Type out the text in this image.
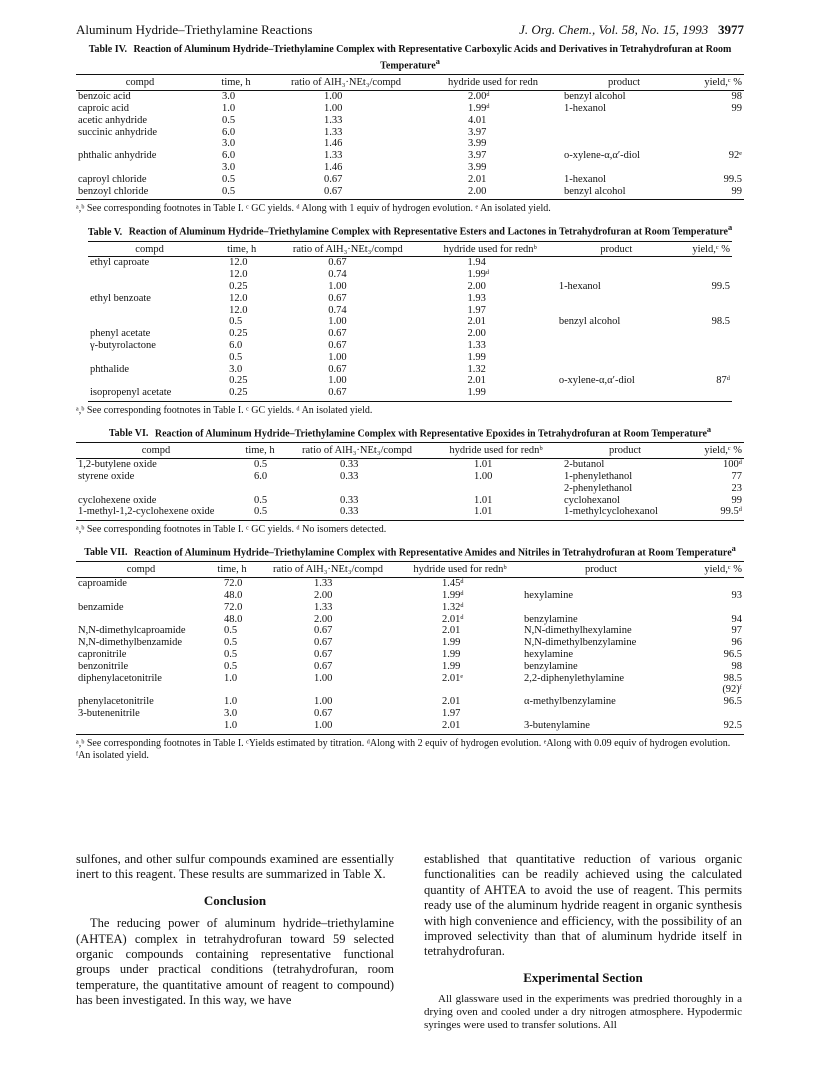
Aluminum Hydride–Triethylamine Reactions	J. Org. Chem., Vol. 58, No. 15, 1993 3977
Table IV. Reaction of Aluminum Hydride–Triethylamine Complex with Representative Carboxylic Acids and Derivatives in Tetrahydrofuran at Room Temperature$^a$
compd	time, h	ratio of AlH₃·NEt₃/compd	hydride used for redn	product	yield,ᶜ %
benzoic acid	3.0	1.00	2.00ᵈ	benzyl alcohol	98
caproic acid	1.0	1.00	1.99ᵈ	1-hexanol	99
acetic anhydride	0.5	1.33	4.01		
succinic anhydride	6.0	1.33	3.97		
	3.0	1.46	3.99		
phthalic anhydride	6.0	1.33	3.97	o-xylene-α,α′-diol	92ᵉ
	3.0	1.46	3.99		
caproyl chloride	0.5	0.67	2.01	1-hexanol	99.5
benzoyl chloride	0.5	0.67	2.00	benzyl alcohol	99
ᵃ,ᵇ See corresponding footnotes in Table I. ᶜ GC yields. ᵈ Along with 1 equiv of hydrogen evolution. ᵉ An isolated yield.
Table V. Reaction of Aluminum Hydride–Triethylamine Complex with Representative Esters and Lactones in Tetrahydrofuran at Room Temperature$^a$
compd	time, h	ratio of AlH₃·NEt₃/compd	hydride used for rednᵇ	product	yield,ᶜ %
ethyl caproate	12.0	0.67	1.94		
	12.0	0.74	1.99ᵈ		
	0.25	1.00	2.00	1-hexanol	99.5
ethyl benzoate	12.0	0.67	1.93		
	12.0	0.74	1.97		
	0.5	1.00	2.01	benzyl alcohol	98.5
phenyl acetate	0.25	0.67	2.00		
γ-butyrolactone	6.0	0.67	1.33		
	0.5	1.00	1.99		
phthalide	3.0	0.67	1.32		
	0.25	1.00	2.01	o-xylene-α,α′-diol	87ᵈ
isopropenyl acetate	0.25	0.67	1.99		
ᵃ,ᵇ See corresponding footnotes in Table I. ᶜ GC yields. ᵈ An isolated yield.
Table VI. Reaction of Aluminum Hydride–Triethylamine Complex with Representative Epoxides in Tetrahydrofuran at Room Temperature$^a$
compd	time, h	ratio of AlH₃·NEt₃/compd	hydride used for rednᵇ	product	yield,ᶜ %
1,2-butylene oxide	0.5	0.33	1.01	2-butanol	100ᵈ
styrene oxide	6.0	0.33	1.00	1-phenylethanol	77
				2-phenylethanol	23
cyclohexene oxide	0.5	0.33	1.01	cyclohexanol	99
1-methyl-1,2-cyclohexene oxide	0.5	0.33	1.01	1-methylcyclohexanol	99.5ᵈ
ᵃ,ᵇ See corresponding footnotes in Table I. ᶜ GC yields. ᵈ No isomers detected.
Table VII. Reaction of Aluminum Hydride–Triethylamine Complex with Representative Amides and Nitriles in Tetrahydrofuran at Room Temperature$^a$
compd	time, h	ratio of AlH₃·NEt₃/compd	hydride used for rednᵇ	product	yield,ᶜ %
caproamide	72.0	1.33	1.45ᵈ		
	48.0	2.00	1.99ᵈ	hexylamine	93
benzamide	72.0	1.33	1.32ᵈ		
	48.0	2.00	2.01ᵈ	benzylamine	94
N,N-dimethylcaproamide	0.5	0.67	2.01	N,N-dimethylhexylamine	97
N,N-dimethylbenzamide	0.5	0.67	1.99	N,N-dimethylbenzylamine	96
capronitrile	0.5	0.67	1.99	hexylamine	96.5
benzonitrile	0.5	0.67	1.99	benzylamine	98
diphenylacetonitrile	1.0	1.00	2.01ᵉ	2,2-diphenylethylamine	98.5
					(92)ᶠ
phenylacetonitrile	1.0	1.00	2.01	α-methylbenzylamine	96.5
3-butenenitrile	3.0	0.67	1.97		
	1.0	1.00	2.01	3-butenylamine	92.5
ᵃ,ᵇ See corresponding footnotes in Table I. ᶜYields estimated by titration. ᵈAlong with 2 equiv of hydrogen evolution. ᵉAlong with 0.09 equiv of hydrogen evolution. ᶠAn isolated yield.

sulfones, and other sulfur compounds examined are essentially inert to this reagent. These results are summarized in Table X.

Conclusion

The reducing power of aluminum hydride–triethylamine (AHTEA) complex in tetrahydrofuran toward 59 selected organic compounds containing representative functional groups under practical conditions (tetrahydrofuran, room temperature, the quantitative amount of reagent to compound) has been investigated. In this way, we have

established that quantitative reduction of various organic functionalities can be readily achieved using the calculated quantity of AHTEA to avoid the use of reagent. This permits ready use of the aluminum hydride reagent in organic synthesis with high convenience and efficiency, with the possibility of an improved selectivity than that of aluminum hydride itself in tetrahydrofuran.

Experimental Section

All glassware used in the experiments was predried thoroughly in a drying oven and cooled under a dry nitrogen atmosphere. Hypodermic syringes were used to transfer solutions. All
